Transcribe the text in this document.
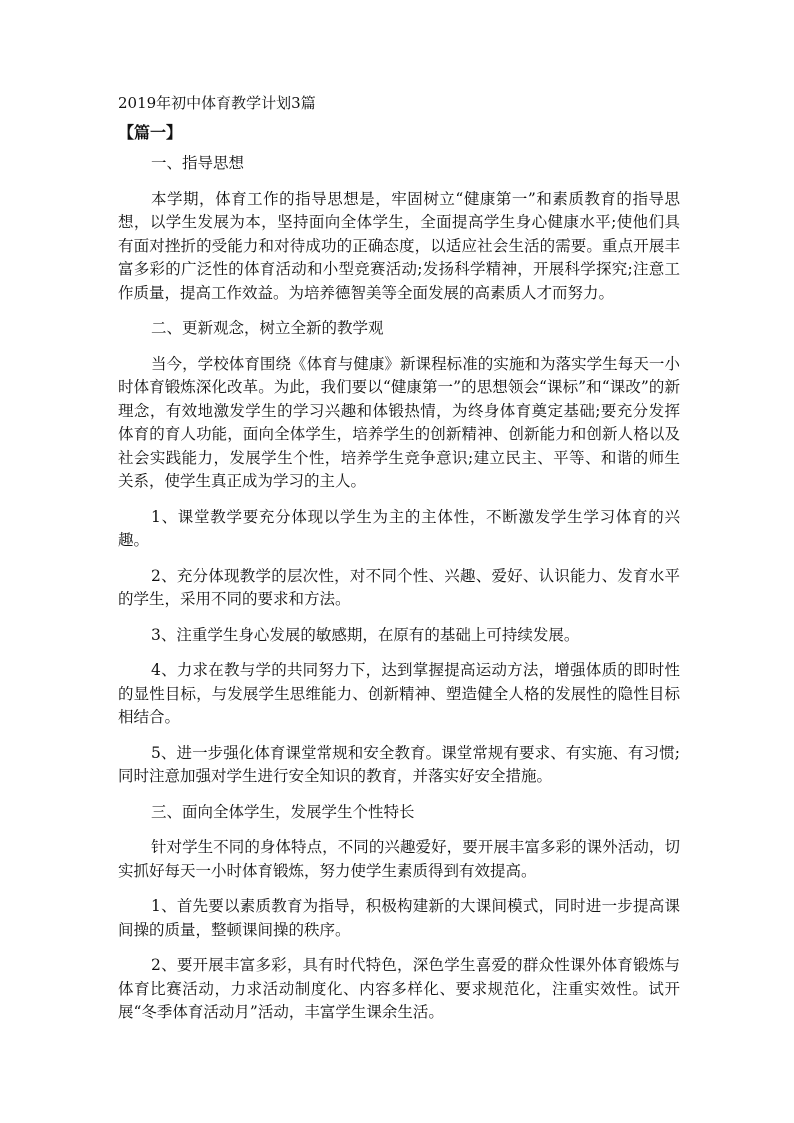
2019年初中体育教学计划3篇
【篇一】
一、指导思想
本学期，体育工作的指导思想是，牢固树立“健康第一”和素质教育的指导思想，以学生发展为本，坚持面向全体学生，全面提高学生身心健康水平;使他们具有面对挫折的受能力和对待成功的正确态度，以适应社会生活的需要。重点开展丰富多彩的广泛性的体育活动和小型竞赛活动;发扬科学精神，开展科学探究;注意工作质量，提高工作效益。为培养德智美等全面发展的高素质人才而努力。
二、更新观念，树立全新的教学观
当今，学校体育围绕《体育与健康》新课程标准的实施和为落实学生每天一小时体育锻炼深化改革。为此，我们要以“健康第一”的思想领会“课标”和“课改”的新理念，有效地激发学生的学习兴趣和体锻热情，为终身体育奠定基础;要充分发挥体育的育人功能，面向全体学生，培养学生的创新精神、创新能力和创新人格以及社会实践能力，发展学生个性，培养学生竞争意识;建立民主、平等、和谐的师生关系，使学生真正成为学习的主人。
1、课堂教学要充分体现以学生为主的主体性，不断激发学生学习体育的兴趣。
2、充分体现教学的层次性，对不同个性、兴趣、爱好、认识能力、发育水平的学生，采用不同的要求和方法。
3、注重学生身心发展的敏感期，在原有的基础上可持续发展。
4、力求在教与学的共同努力下，达到掌握提高运动方法，增强体质的即时性的显性目标，与发展学生思维能力、创新精神、塑造健全人格的发展性的隐性目标相结合。
5、进一步强化体育课堂常规和安全教育。课堂常规有要求、有实施、有习惯;同时注意加强对学生进行安全知识的教育，并落实好安全措施。
三、面向全体学生，发展学生个性特长
针对学生不同的身体特点，不同的兴趣爱好，要开展丰富多彩的课外活动，切实抓好每天一小时体育锻炼，努力使学生素质得到有效提高。
1、首先要以素质教育为指导，积极构建新的大课间模式，同时进一步提高课间操的质量，整顿课间操的秩序。
2、要开展丰富多彩，具有时代特色，深色学生喜爱的群众性课外体育锻炼与体育比赛活动，力求活动制度化、内容多样化、要求规范化，注重实效性。试开展“冬季体育活动月”活动，丰富学生课余生活。
